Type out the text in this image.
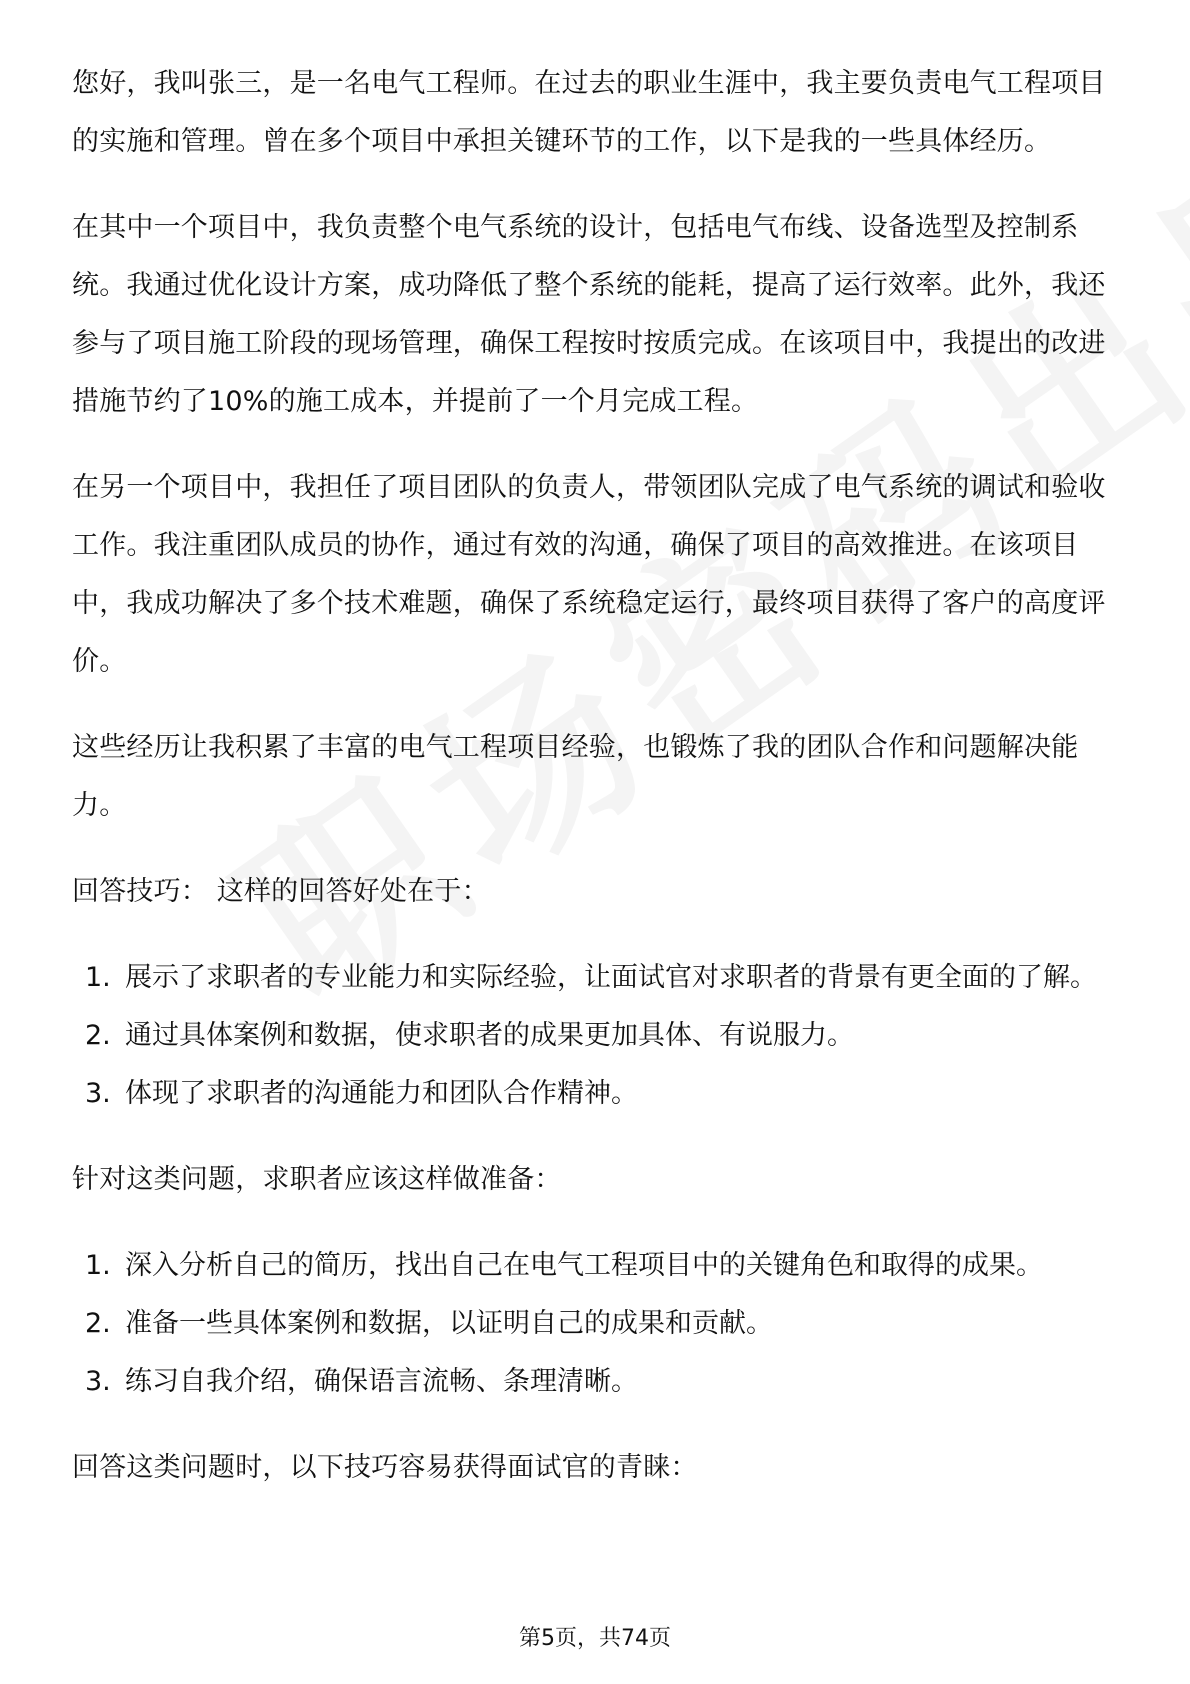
您好，我叫张三，是一名电气工程师。在过去的职业生涯中，我主要负责电气工程项目的实施和管理。曾在多个项目中承担关键环节的工作，以下是我的一些具体经历。

在其中一个项目中，我负责整个电气系统的设计，包括电气布线、设备选型及控制系统。我通过优化设计方案，成功降低了整个系统的能耗，提高了运行效率。此外，我还参与了项目施工阶段的现场管理，确保工程按时按质完成。在该项目中，我提出的改进措施节约了10%的施工成本，并提前了一个月完成工程。

在另一个项目中，我担任了项目团队的负责人，带领团队完成了电气系统的调试和验收工作。我注重团队成员的协作，通过有效的沟通，确保了项目的高效推进。在该项目中，我成功解决了多个技术难题，确保了系统稳定运行，最终项目获得了客户的高度评价。

这些经历让我积累了丰富的电气工程项目经验，也锻炼了我的团队合作和问题解决能力。

回答技巧： 这样的回答好处在于：

1. 展示了求职者的专业能力和实际经验，让面试官对求职者的背景有更全面的了解。
2. 通过具体案例和数据，使求职者的成果更加具体、有说服力。
3. 体现了求职者的沟通能力和团队合作精神。

针对这类问题，求职者应该这样做准备：

1. 深入分析自己的简历，找出自己在电气工程项目中的关键角色和取得的成果。
2. 准备一些具体案例和数据，以证明自己的成果和贡献。
3. 练习自我介绍，确保语言流畅、条理清晰。

回答这类问题时，以下技巧容易获得面试官的青睐：

第5页，共74页
